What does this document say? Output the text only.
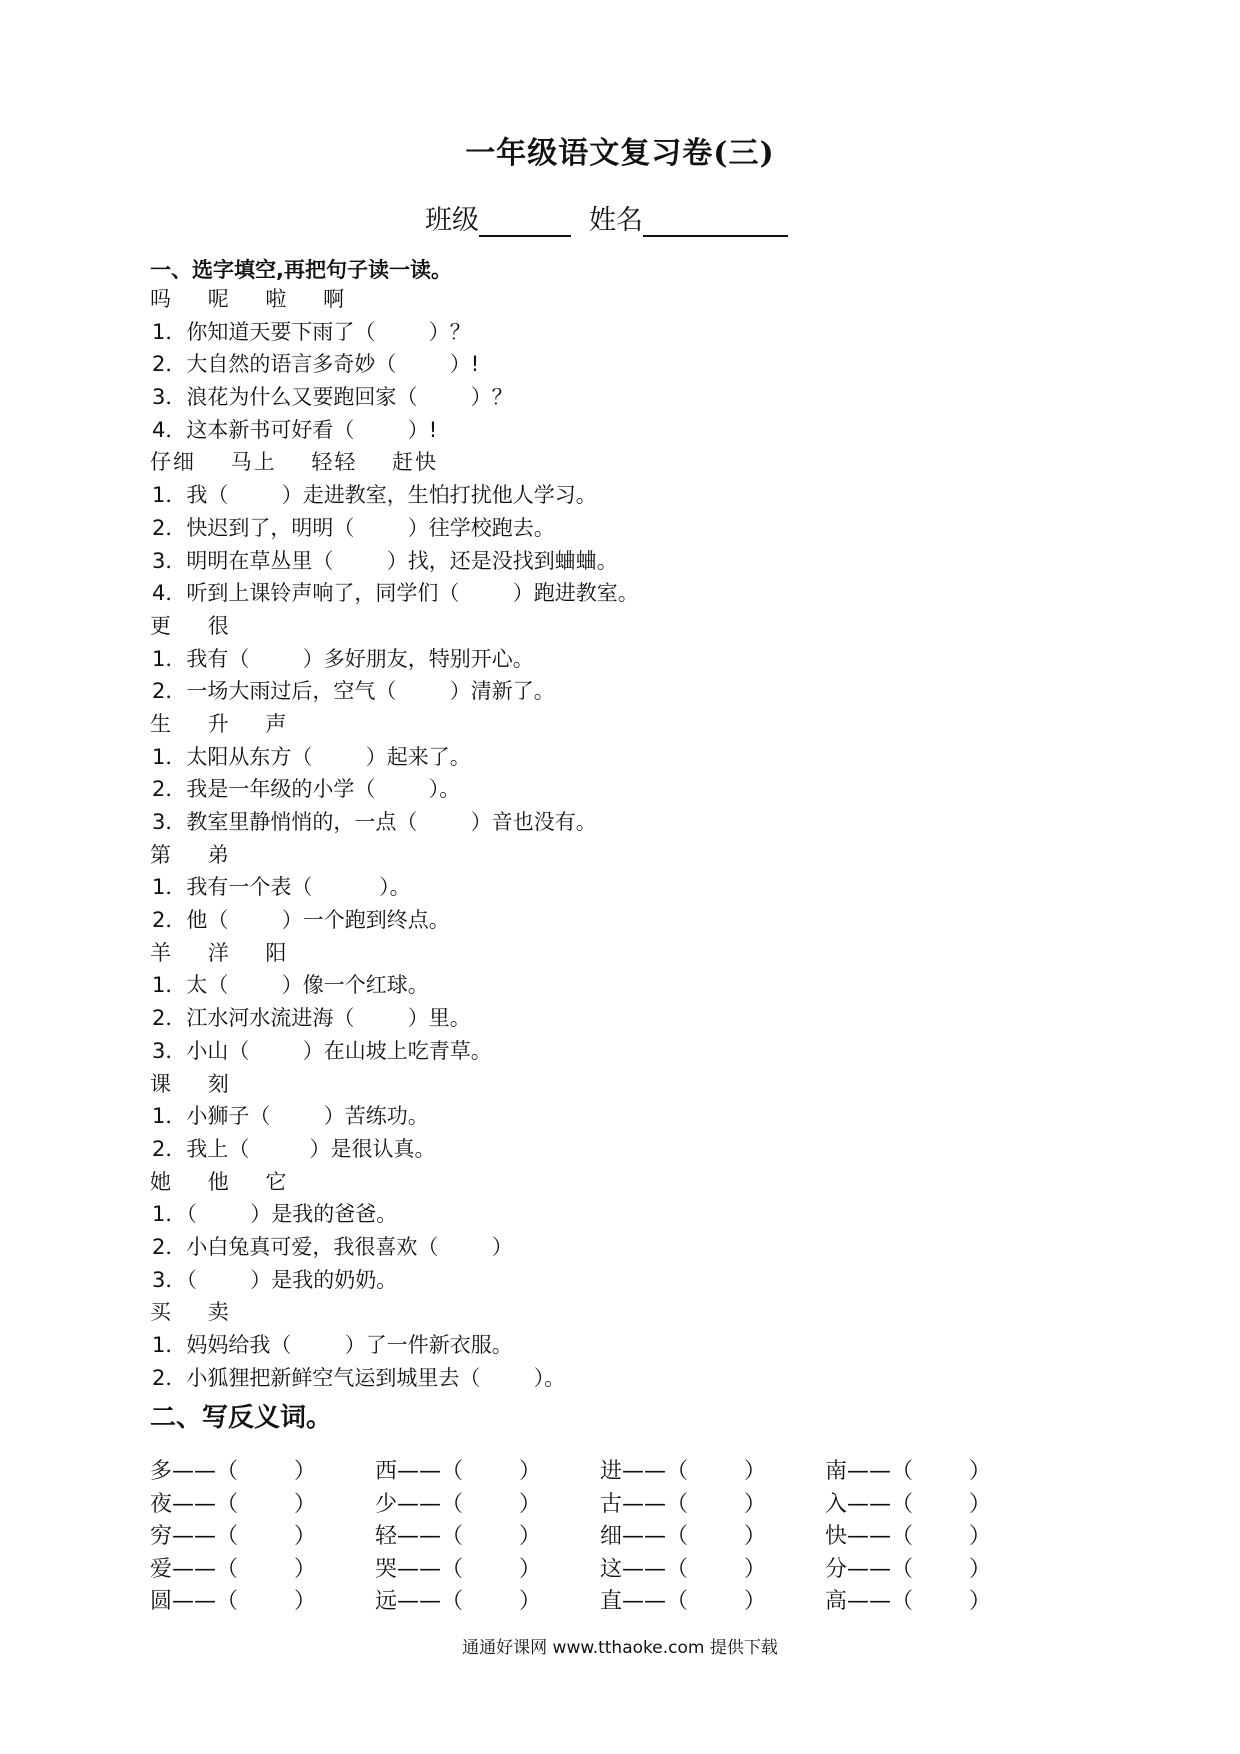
一年级语文复习卷(三)
班级	姓名
一、选字填空,再把句子读一读。
吗    呢    啦    啊
1．你知道天要下雨了（        ）？
2．大自然的语言多奇妙（        ）!
3．浪花为什么又要跑回家（        ）？
4．这本新书可好看（        ）!
仔细    马上    轻轻    赶快
1．我（        ）走进教室，生怕打扰他人学习。
2．快迟到了，明明（        ）往学校跑去。
3．明明在草丛里（        ）找，还是没找到蛐蛐。
4．听到上课铃声响了，同学们（        ）跑进教室。
更    很
1．我有（        ）多好朋友，特别开心。
2．一场大雨过后，空气（        ）清新了。
生    升    声
1．太阳从东方（        ）起来了。
2．我是一年级的小学（        ）。
3．教室里静悄悄的，一点（        ）音也没有。
第    弟
1．我有一个表（          ）。
2．他（        ）一个跑到终点。
羊    洋    阳
1．太（        ）像一个红球。
2．江水河水流进海（        ）里。
3．小山（        ）在山坡上吃青草。
课    刻
1．小狮子（        ）苦练功。
2．我上（         ）是很认真。
她    他    它
1．（        ）是我的爸爸。
2．小白兔真可爱，我很喜欢（        ）
3．（        ）是我的奶奶。
买    卖
1．妈妈给我（        ）了一件新衣服。
2．小狐狸把新鲜空气运到城里去（        ）。
二、写反义词。
多——（        ）	西——（        ）	进——（        ）	南——（        ）
夜——（        ）	少——（        ）	古——（        ）	入——（        ）
穷——（        ）	轻——（        ）	细——（        ）	快——（        ）
爱——（        ）	哭——（        ）	这——（        ）	分——（        ）
圆——（        ）	远——（        ）	直——（        ）	高——（        ）
通通好课网 www.tthaoke.com 提供下载
